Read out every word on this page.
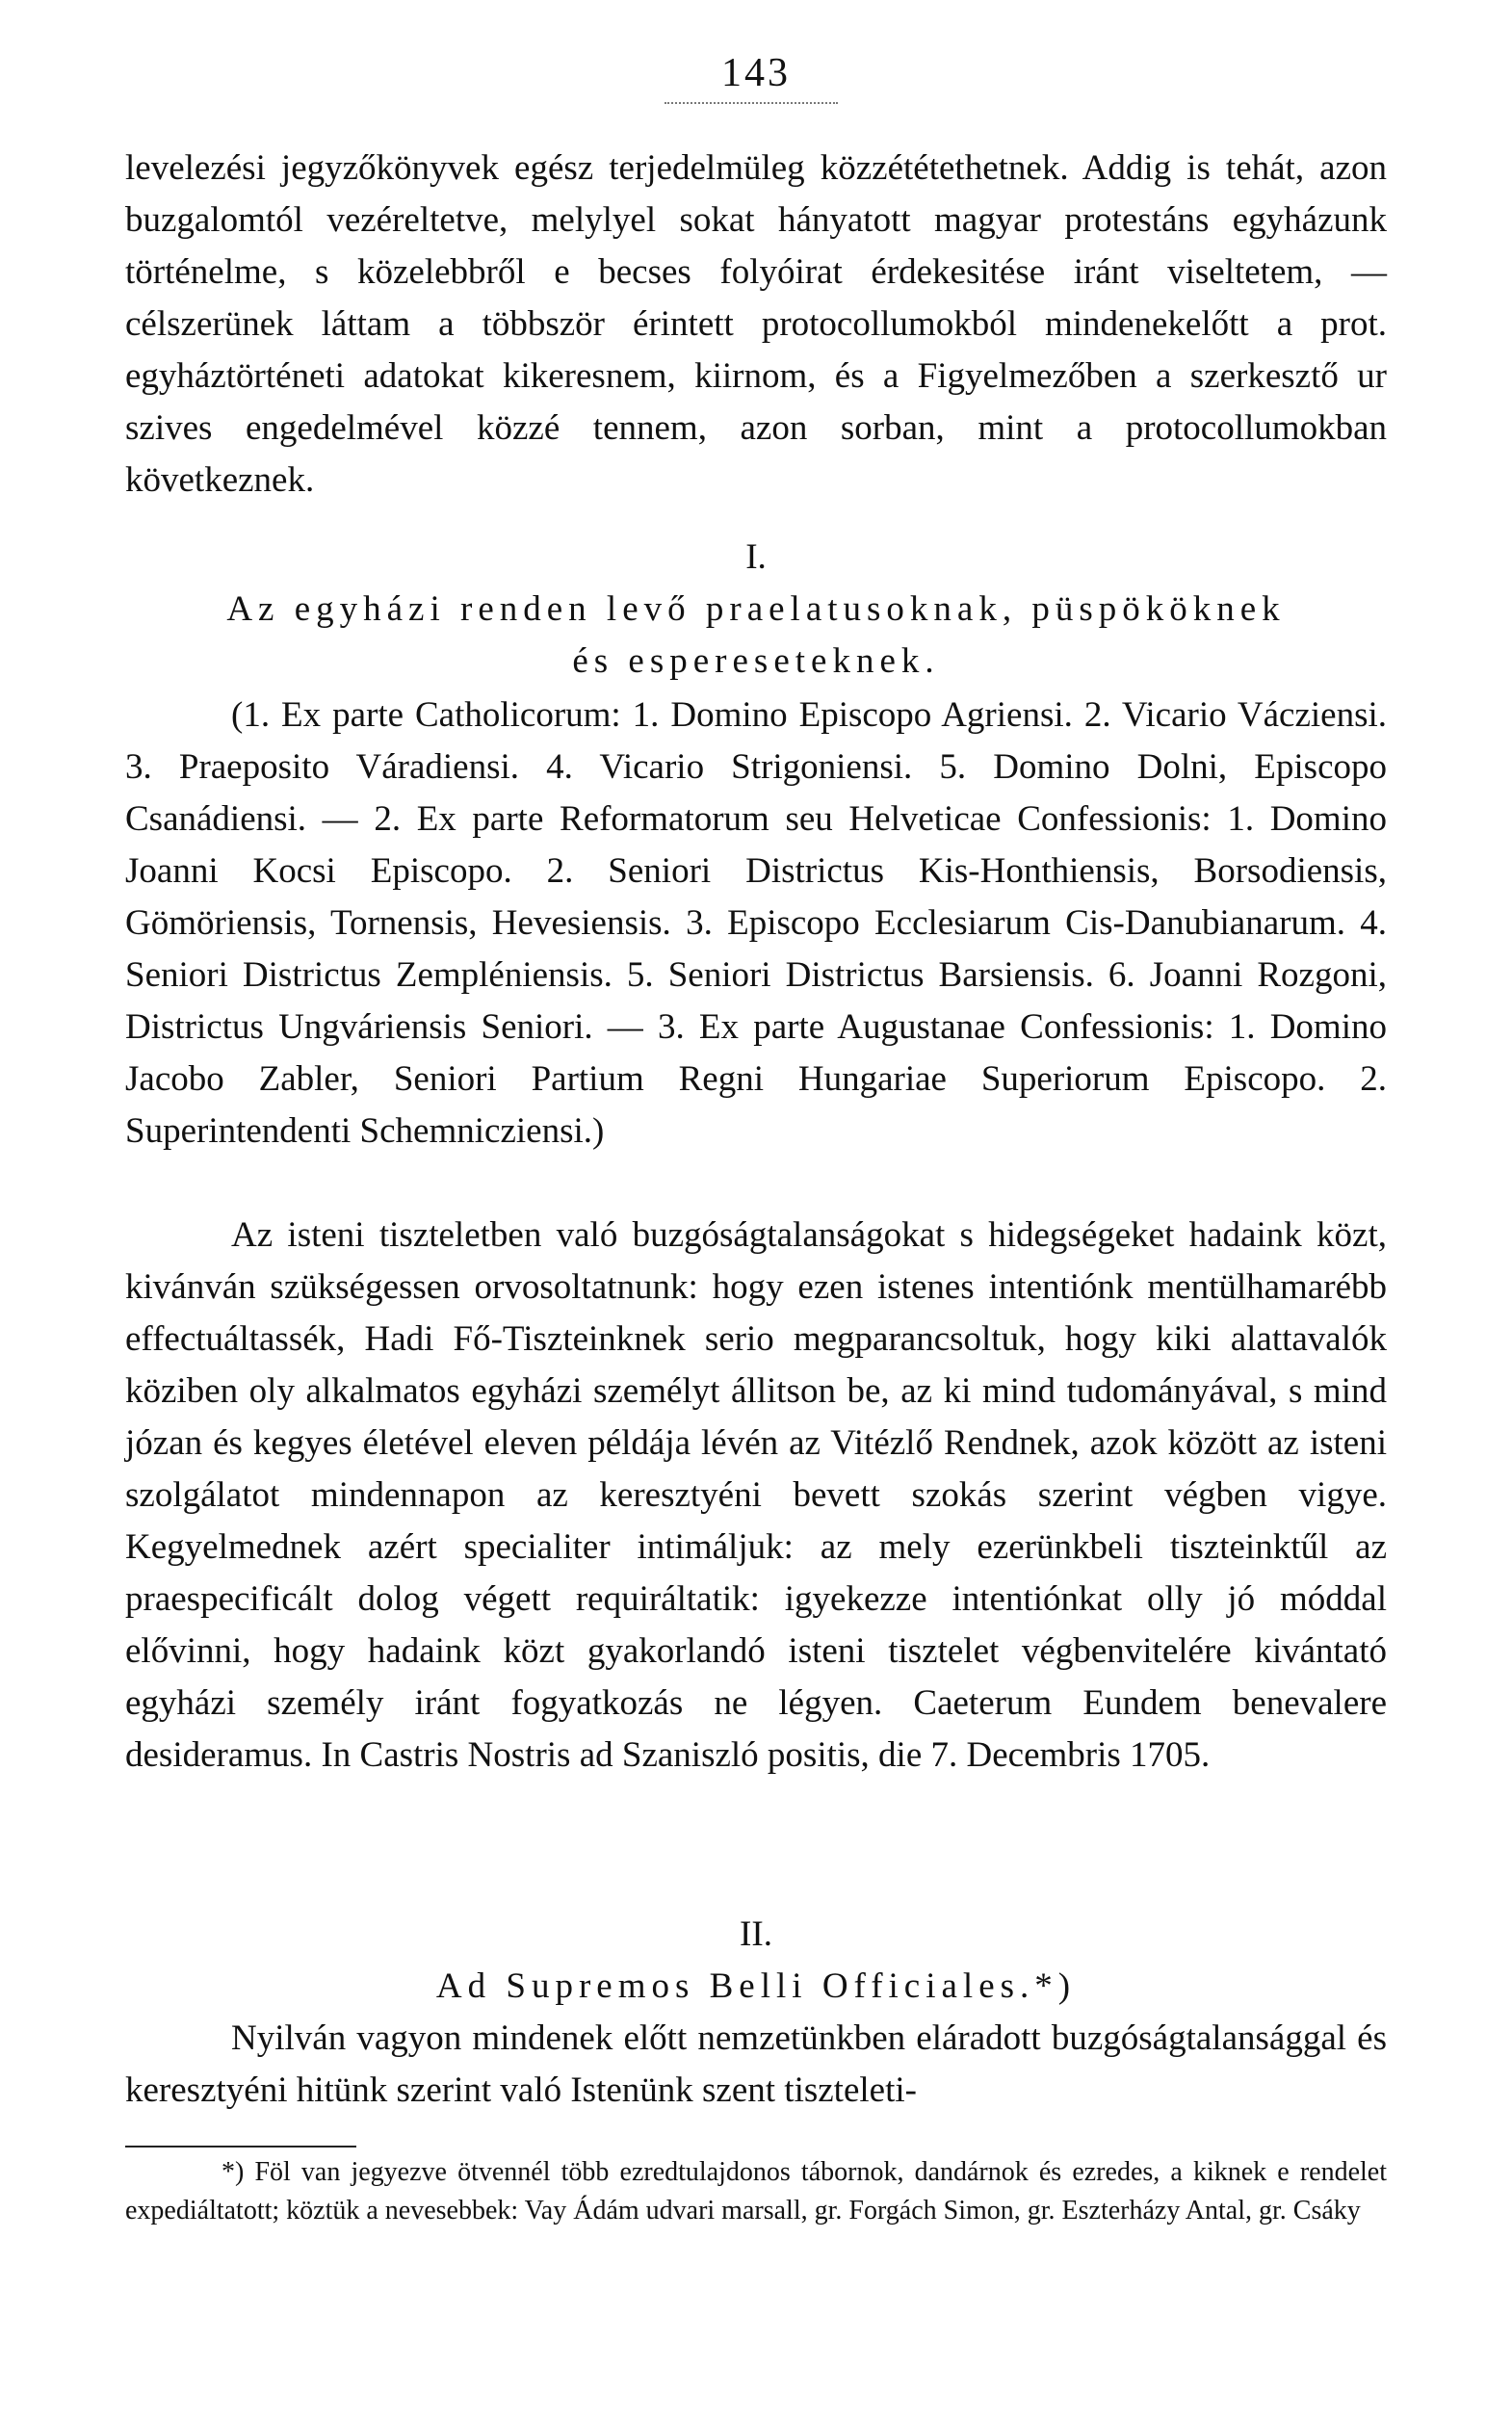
143

levelezési jegyzőkönyvek egész terjedelmüleg közzététethetnek. Addig is tehát, azon buzgalomtól vezéreltetve, melylyel sokat hányatott magyar protestáns egyházunk történelme, s közelebbről e becses folyóirat érdekesitése iránt viseltetem, — célszerünek láttam a többször érintett protocollumokból mindenekelőtt a prot. egyháztörténeti adatokat kikeresnem, kiirnom, és a Figyelmezőben a szerkesztő ur szives engedelmével közzé tennem, azon sorban, mint a protocollumokban következnek.

I.
Az egyházi renden levő praelatusoknak, püspököknek és espereseteknek.

(1. Ex parte Catholicorum: 1. Domino Episcopo Agriensi. 2. Vicario Vácziensi. 3. Praeposito Váradiensi. 4. Vicario Strigoniensi. 5. Domino Dolni, Episcopo Csanádiensi. — 2. Ex parte Reformatorum seu Helveticae Confessionis: 1. Domino Joanni Kocsi Episcopo. 2. Seniori Districtus Kis-Honthiensis, Borsodiensis, Gömöriensis, Tornensis, Hevesiensis. 3. Episcopo Ecclesiarum Cis-Danubianarum. 4. Seniori Districtus Zempléniensis. 5. Seniori Districtus Barsiensis. 6. Joanni Rozgoni, Districtus Ungváriensis Seniori. — 3. Ex parte Augustanae Confessionis: 1. Domino Jacobo Zabler, Seniori Partium Regni Hungariae Superiorum Episcopo. 2. Superintendenti Schemnicziensi.)

Az isteni tiszteletben való buzgóságtalanságokat s hidegségeket hadaink közt, kivánván szükségessen orvosoltatnunk: hogy ezen istenes intentiónk mentülhamarébb effectuáltassék, Hadi Fő-Tiszteinknek serio megparancsoltuk, hogy kiki alattavalók köziben oly alkalmatos egyházi személyt állitson be, az ki mind tudományával, s mind józan és kegyes életével eleven példája lévén az Vitézlő Rendnek, azok között az isteni szolgálatot mindennapon az keresztyéni bevett szokás szerint végben vigye. Kegyelmednek azért specialiter intimáljuk: az mely ezerünkbeli tiszteinktűl az praespecificált dolog végett requiráltatik: igyekezze intentiónkat olly jó móddal elővinni, hogy hadaink közt gyakorlandó isteni tisztelet végbenvitelére kivántató egyházi személy iránt fogyatkozás ne légyen. Caeterum Eundem benevalere desideramus. In Castris Nostris ad Szaniszló positis, die 7. Decembris 1705.

II.
Ad Supremos Belli Officiales.*)

Nyilván vagyon mindenek előtt nemzetünkben eláradott buzgóságtalansággal és keresztyéni hitünk szerint való Istenünk szent tiszteleti-

*) Föl van jegyezve ötvennél több ezredtulajdonos tábornok, dandárnok és ezredes, a kiknek e rendelet expediáltatott; köztük a nevesebbek: Vay Ádám udvari marsall, gr. Forgách Simon, gr. Eszterházy Antal, gr. Csáky
